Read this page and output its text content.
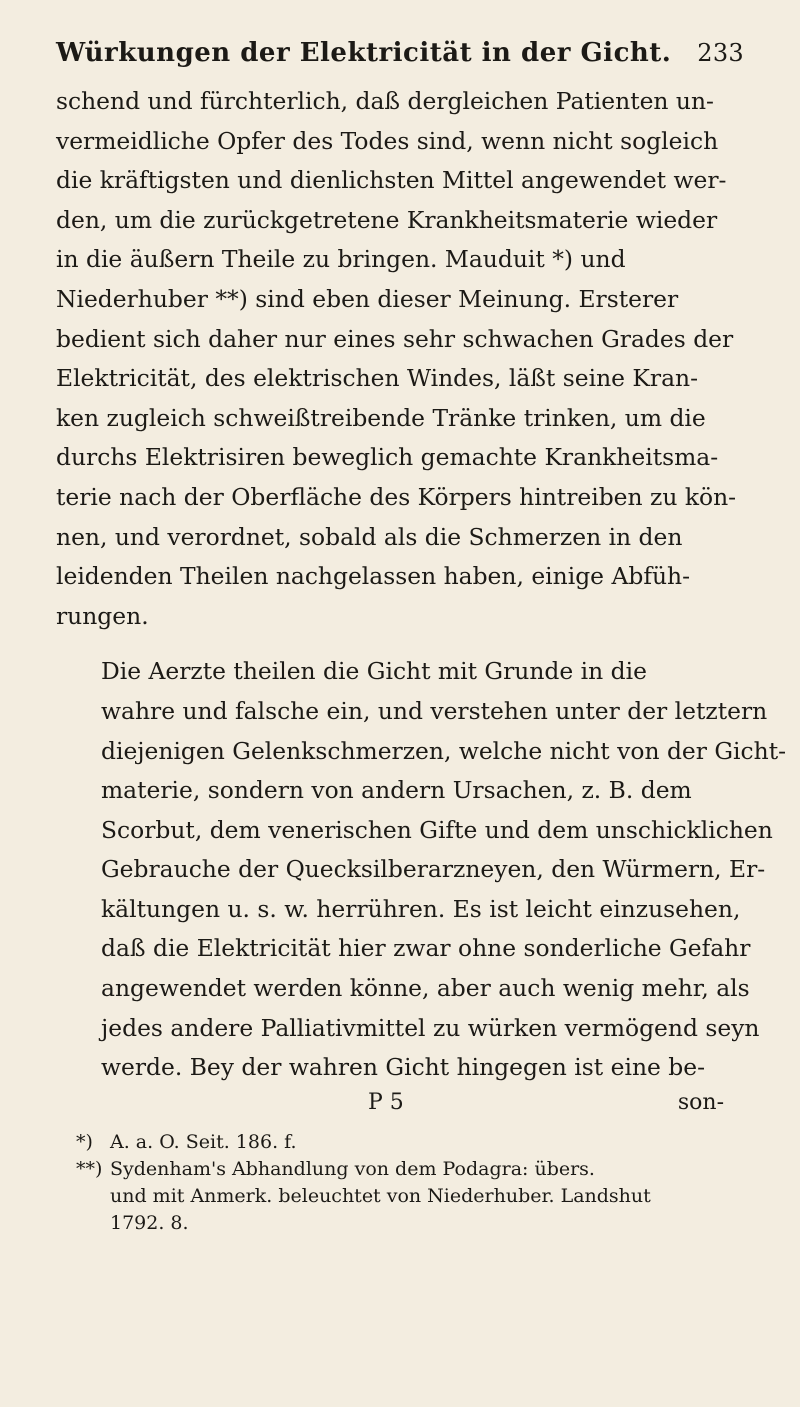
Würkungen der Elektricität in der Gicht. 233

schend und fürchterlich, daß dergleichen Patienten un-
vermeidliche Opfer des Todes sind, wenn nicht sogleich
die kräftigsten und dienlichsten Mittel angewendet wer-
den, um die zurückgetretene Krankheitsmaterie wieder
in die äußern Theile zu bringen. Mauduit *) und
Niederhuber **) sind eben dieser Meinung. Ersterer
bedient sich daher nur eines sehr schwachen Grades der
Elektricität, des elektrischen Windes, läßt seine Kran-
ken zugleich schweißtreibende Tränke trinken, um die
durchs Elektrisiren beweglich gemachte Krankheitsma-
terie nach der Oberfläche des Körpers hintreiben zu kön-
nen, und verordnet, sobald als die Schmerzen in den
leidenden Theilen nachgelassen haben, einige Abfüh-
rungen.

Die Aerzte theilen die Gicht mit Grunde in die
wahre und falsche ein, und verstehen unter der letztern
diejenigen Gelenkschmerzen, welche nicht von der Gicht-
materie, sondern von andern Ursachen, z. B. dem
Scorbut, dem venerischen Gifte und dem unschicklichen
Gebrauche der Quecksilberarzneyen, den Würmern, Er-
kältungen u. s. w. herrühren. Es ist leicht einzusehen,
daß die Elektricität hier zwar ohne sonderliche Gefahr
angewendet werden könne, aber auch wenig mehr, als
jedes andere Palliativmittel zu würken vermögend seyn
werde. Bey der wahren Gicht hingegen ist eine be-

P 5	son-
*) A. a. O. Seit. 186. f.
**) Sydenham's Abhandlung von dem Podagra: übers.
und mit Anmerk. beleuchtet von Niederhuber. Landshut
1792. 8.
